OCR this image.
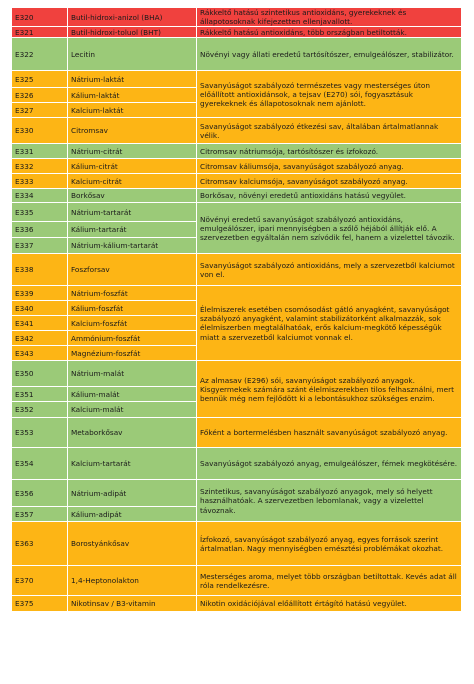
E320	Butil-hidroxi-anizol (BHA)	Rákkeltő hatású szintetikus antioxidáns, gyerekeknek és állapotosoknak kifejezetten ellenjavallott.
E321	Butil-hidroxi-toluol (BHT)	Rákkeltő hatású antioxidáns, több országban betiltották.
E322	Lecitin	Növényi vagy állati eredetű tartósítószer, emulgeálószer, stabilizátor.
E325	Nátrium-laktát	Savanyúságot szabályozó természetes vagy mesterséges úton előállított antioxidánsok, a tejsav (E270) sói, fogyasztásuk gyerekeknek és állapotosoknak nem ajánlott.
E326	Kálium-laktát	
E327	Kalcium-laktát	
E330	Citromsav	Savanyúságot szabályozó étkezési sav, általában ártalmatlannak vélik.
E331	Nátrium-citrát	Citromsav nátriumsója, tartósítószer és ízfokozó.
E332	Kálium-citrát	Citromsav káliumsója, savanyúságot szabályozó anyag.
E333	Kalcium-citrát	Citromsav kalciumsója, savanyúságot szabályozó anyag.
E334	Borkősav	Borkősav, növényi eredetű antioxidáns hatású vegyület.
E335	Nátrium-tartarát	Növényi eredetű savanyúságot szabályozó antioxidáns, emulgeálószer, ipari mennyiségben a szőlő héjából állítják elő. A szervezetben egyáltalán nem szívódik fel, hanem a vizelettel távozik.
E336	Kálium-tartarát	
E337	Nátrium-kálium-tartarát	
E338	Foszforsav	Savanyúságot szabályozó antioxidáns, mely a szervezetből kalciumot von el.
E339	Nátrium-foszfát	Élelmiszerek esetében csomósodást gátló anyagként, savanyúságot szabályozó anyagként, valamint stabilizátorként alkalmazzák, sok élelmiszerben megtalálhatóak, erős kalcium-megkötő képességük miatt a szervezetből kalciumot vonnak el.
E340	Kálium-foszfát	
E341	Kalcium-foszfát	
E342	Ammónium-foszfát	
E343	Magnézium-foszfát	
E350	Nátrium-malát	Az almasav (E296) sói, savanyúságot szabályozó anyagok. Kisgyermekek számára szánt élelmiszerekben tilos felhasználni, mert bennük még nem fejlődött ki a lebontásukhoz szükséges enzim.
E351	Kálium-malát	
E352	Kalcium-malát	
E353	Metaborkősav	Főként a bortermelésben használt savanyúságot szabályozó anyag.
E354	Kalcium-tartarát	Savanyúságot szabályozó anyag, emulgeálószer, fémek megkötésére.
E356	Nátrium-adipát	Szintetikus, savanyúságot szabályozó anyagok, mely só helyett használhatóak. A szervezetben lebomlanak, vagy a vizelettel távoznak.
E357	Kálium-adipát	
E363	Borostyánkősav	Ízfokozó, savanyúságot szabályozó anyag, egyes források szerint ártalmatlan. Nagy mennyiségben emésztési problémákat okozhat.
E370	1,4-Heptonolakton	Mesterséges aroma, melyet több országban betiltottak. Kevés adat áll róla rendelkezésre.
E375	Nikotinsav / B3-vitamin	Nikotin oxidációjával előállított értágító hatású vegyület.
